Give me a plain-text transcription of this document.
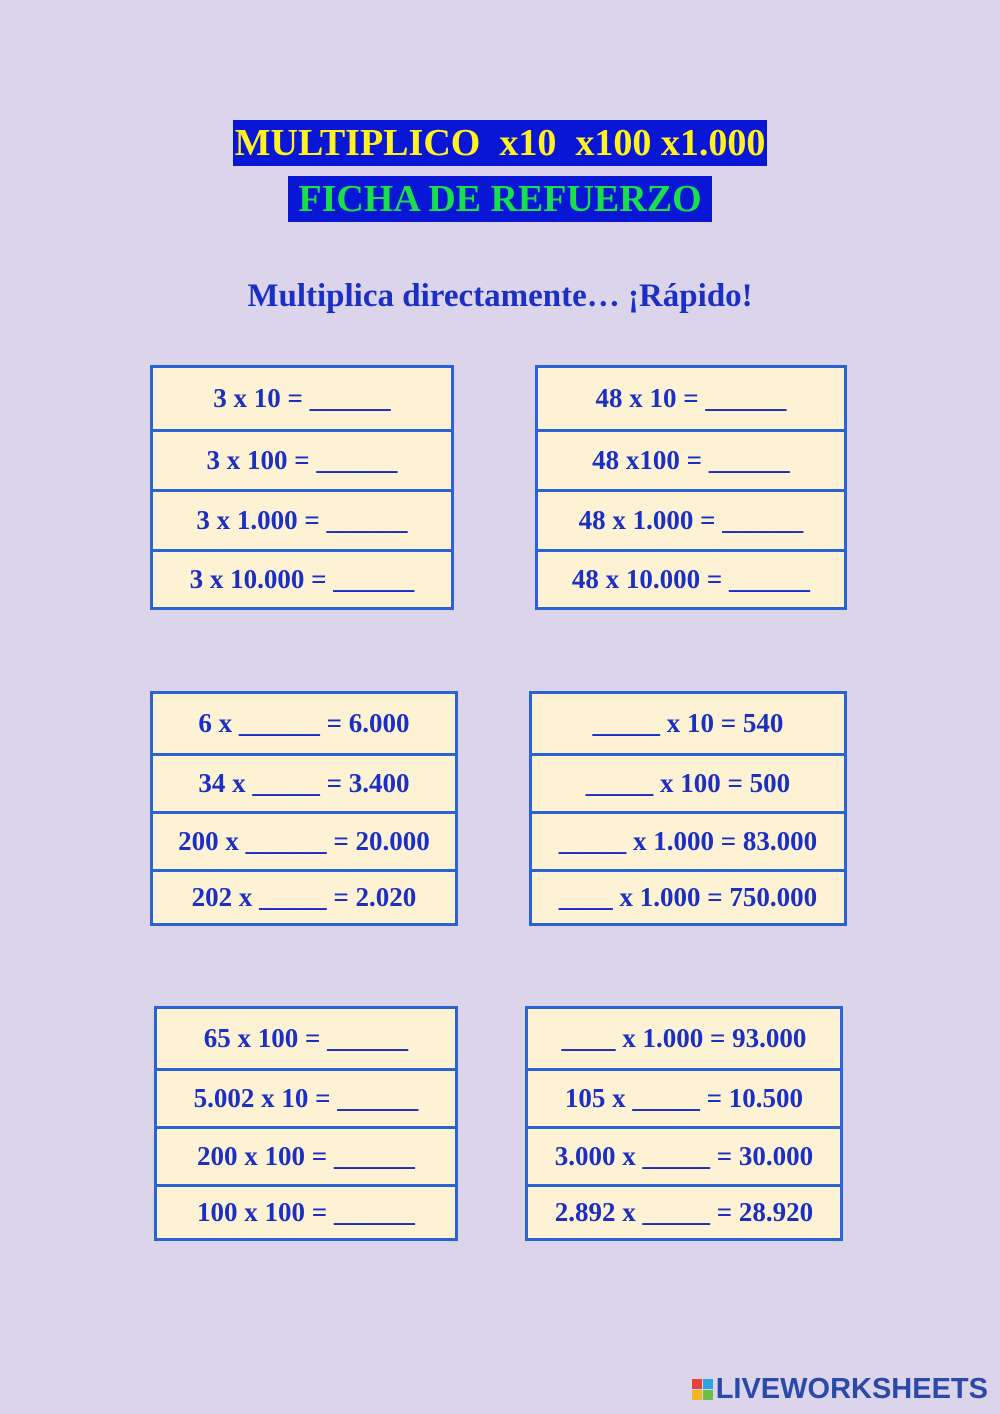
MULTIPLICO  x10  x100 x1.000
FICHA DE REFUERZO
Multiplica directamente… ¡Rápido!
3 x 10 = ______
3 x 100 = ______
3 x 1.000 = ______
3 x 10.000 = ______
48 x 10 = ______
48 x100 = ______
48 x 1.000 = ______
48 x 10.000 = ______
6 x ______ = 6.000
34 x _____ = 3.400
200 x ______ = 20.000
202 x _____ = 2.020
_____ x 10 = 540
_____ x 100 = 500
_____ x 1.000 = 83.000
____ x 1.000 = 750.000
65 x 100 = ______
5.002 x 10 = ______
200 x 100 = ______
100 x 100 = ______
____ x 1.000 = 93.000
105 x _____ = 10.500
3.000 x _____ = 30.000
2.892 x _____ = 28.920
LIVEWORKSHEETS
